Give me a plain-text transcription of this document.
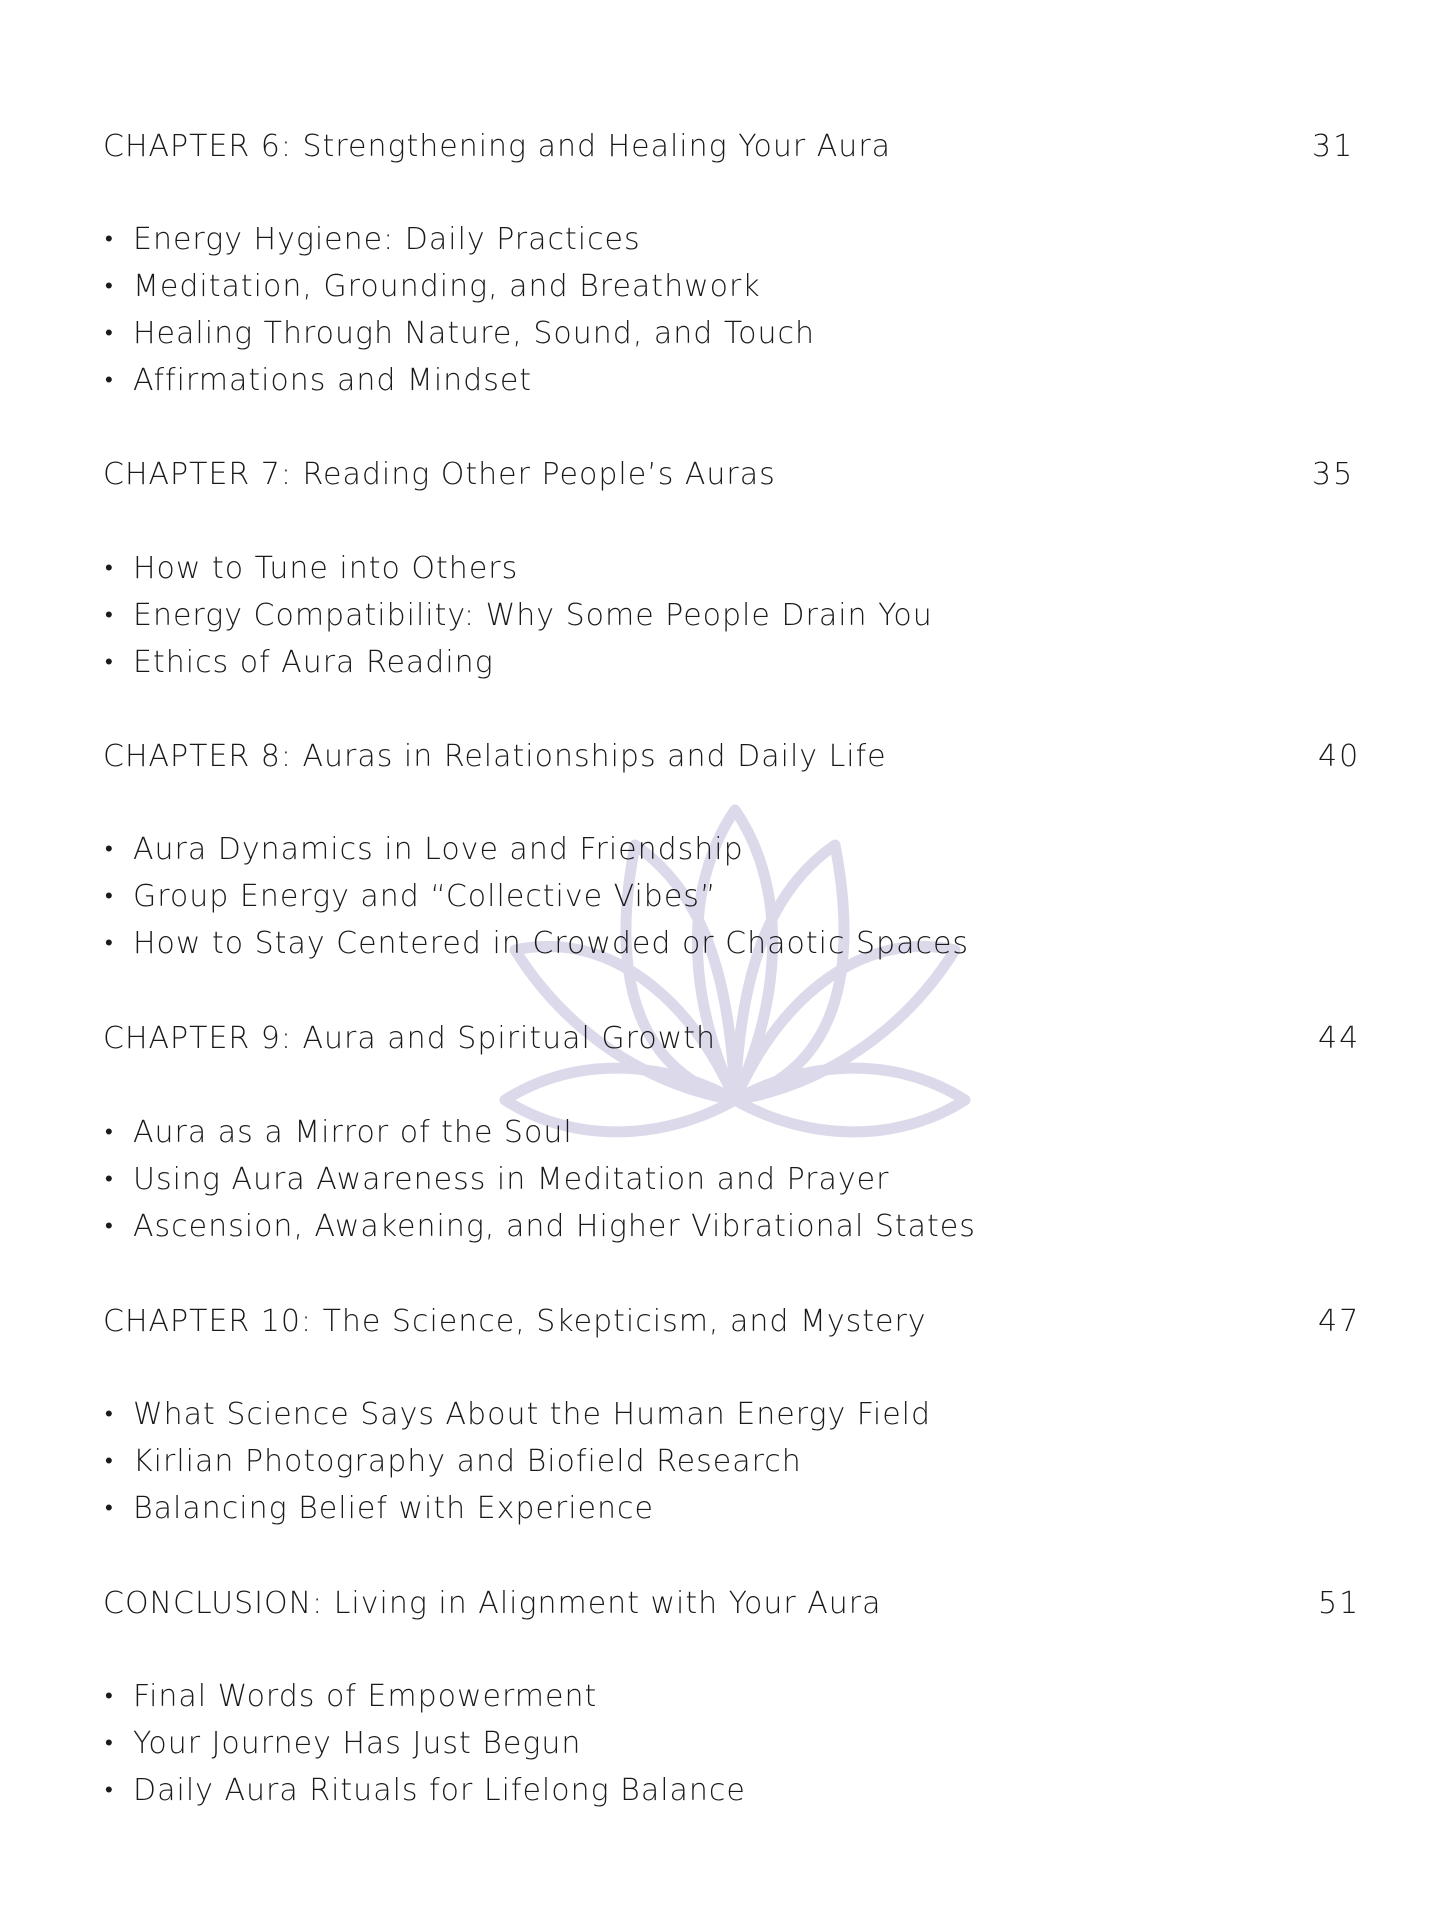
CHAPTER 6: Strengthening and Healing Your Aura	31
• Energy Hygiene: Daily Practices
• Meditation, Grounding, and Breathwork
• Healing Through Nature, Sound, and Touch
• Affirmations and Mindset
CHAPTER 7: Reading Other People’s Auras	35
• How to Tune into Others
• Energy Compatibility: Why Some People Drain You
• Ethics of Aura Reading
CHAPTER 8: Auras in Relationships and Daily Life	40
• Aura Dynamics in Love and Friendship
• Group Energy and “Collective Vibes”
• How to Stay Centered in Crowded or Chaotic Spaces
CHAPTER 9: Aura and Spiritual Growth	44
• Aura as a Mirror of the Soul
• Using Aura Awareness in Meditation and Prayer
• Ascension, Awakening, and Higher Vibrational States
CHAPTER 10: The Science, Skepticism, and Mystery	47
• What Science Says About the Human Energy Field
• Kirlian Photography and Biofield Research
• Balancing Belief with Experience
CONCLUSION: Living in Alignment with Your Aura	51
• Final Words of Empowerment
• Your Journey Has Just Begun
• Daily Aura Rituals for Lifelong Balance
